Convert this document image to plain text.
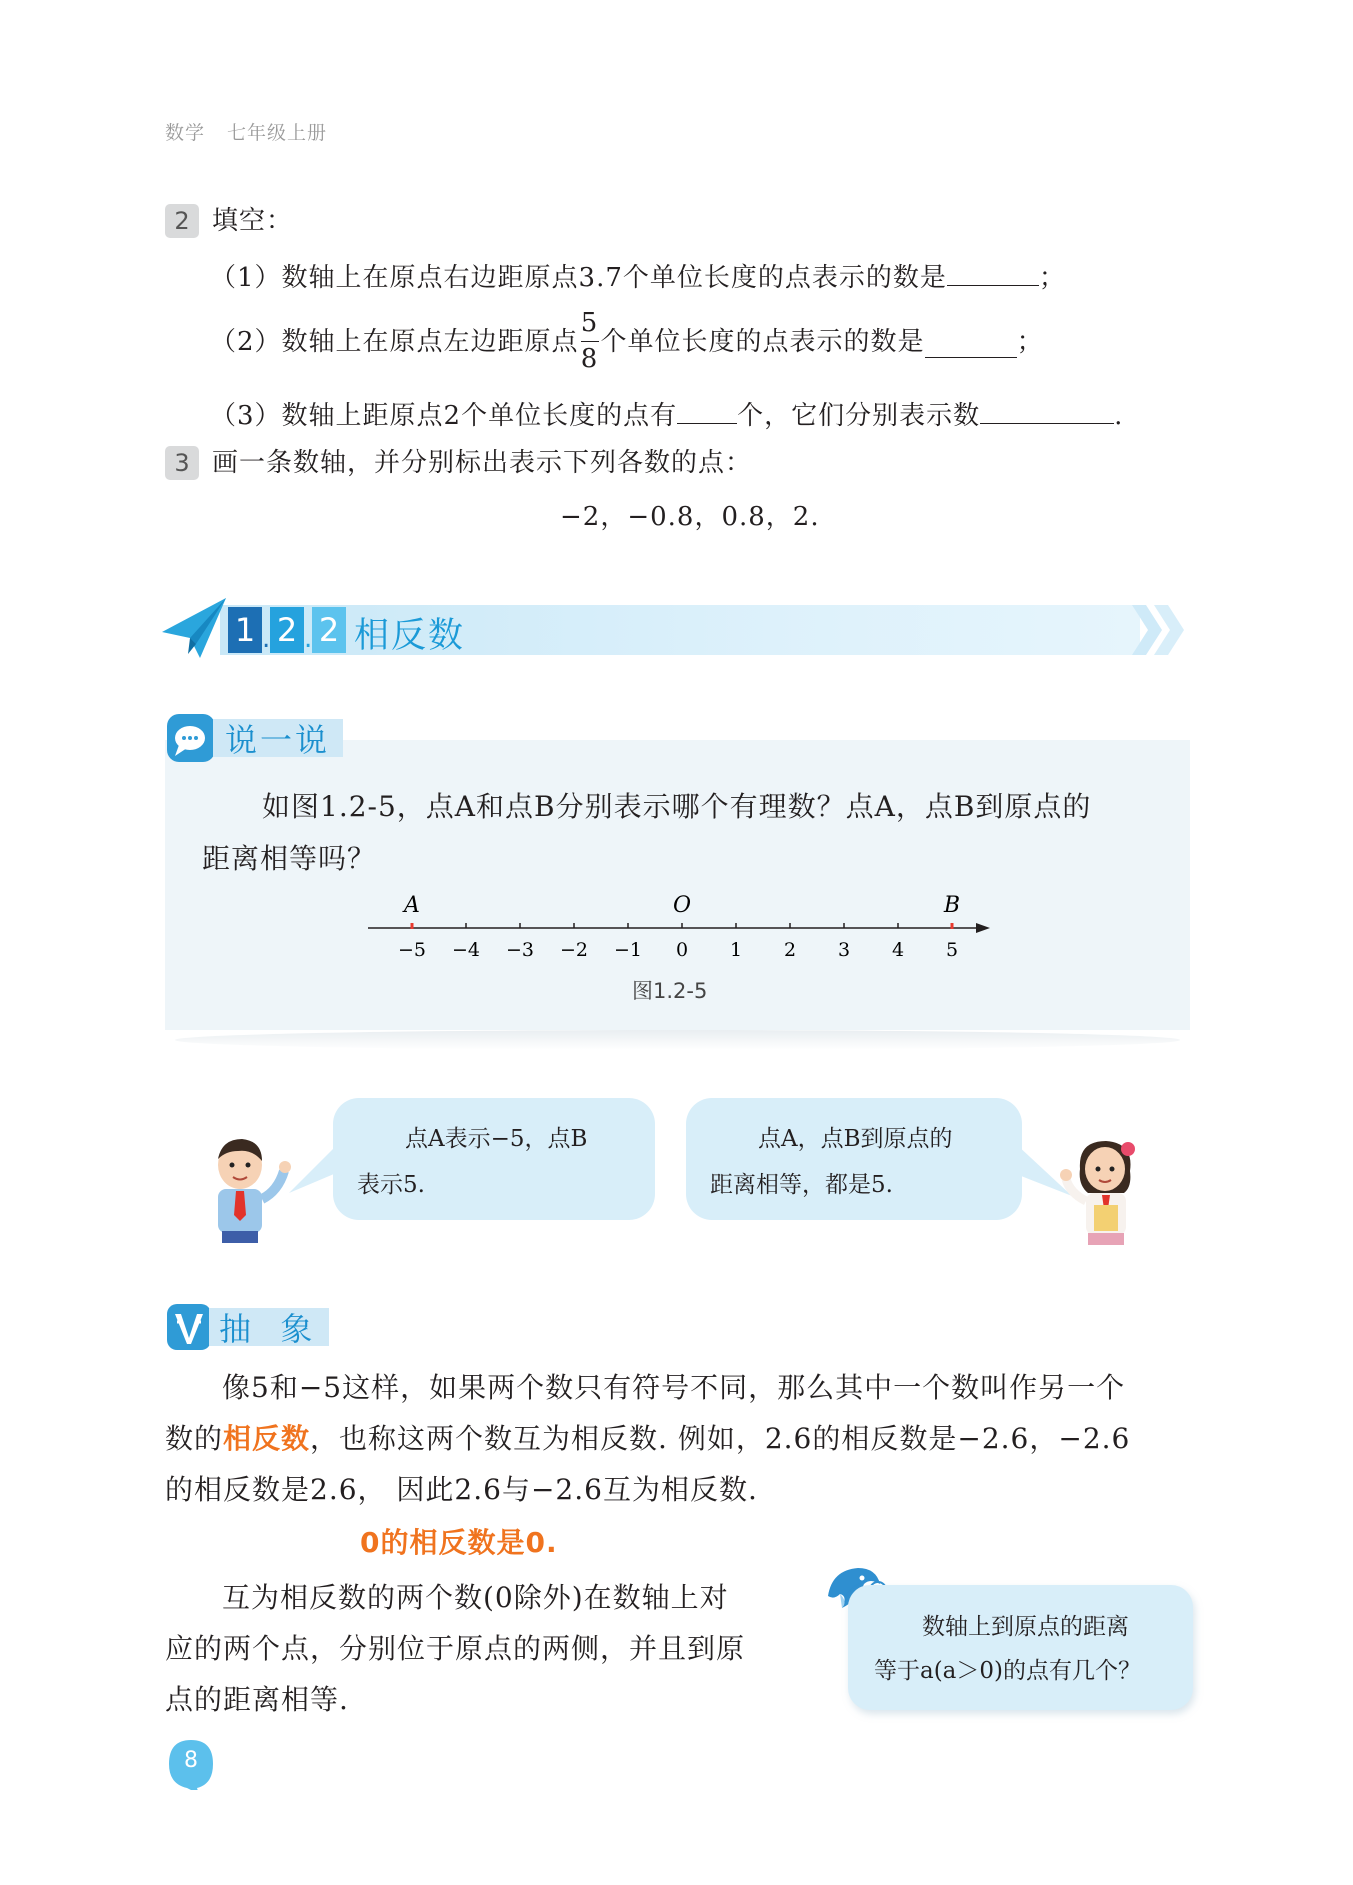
数学 七年级上册
2 填空：
（1）数轴上在原点右边距原点3.7个单位长度的点表示的数是	；
（2）数轴上在原点左边距原点 $\frac{5}{8}$ 个单位长度的点表示的数是	；
（3）数轴上距原点2个单位长度的点有 个，它们分别表示数	.
3 画一条数轴，并分别标出表示下列各数的点：
−2，−0.8，0.8，2.
1 . 2 . 2 相反数
说一说
如图1.2-5，点A和点B分别表示哪个有理数？点A，点B到原点的
距离相等吗？
−5 −4 −3 −2 −1 0 1 2 3 4 5
A	O	B
图1.2-5
点A表示−5，点B
表示5.
点A，点B到原点的
距离相等，都是5.
抽  象
像5和−5这样，如果两个数只有符号不同，那么其中一个数叫作另一个
数的相反数，也称这两个数互为相反数. 例如，2.6的相反数是−2.6，−2.6
的相反数是2.6， 因此2.6与−2.6互为相反数.
0的相反数是0.
互为相反数的两个数(0除外)在数轴上对
应的两个点，分别位于原点的两侧，并且到原
点的距离相等.
数轴上到原点的距离
等于a(a＞0)的点有几个？
8
